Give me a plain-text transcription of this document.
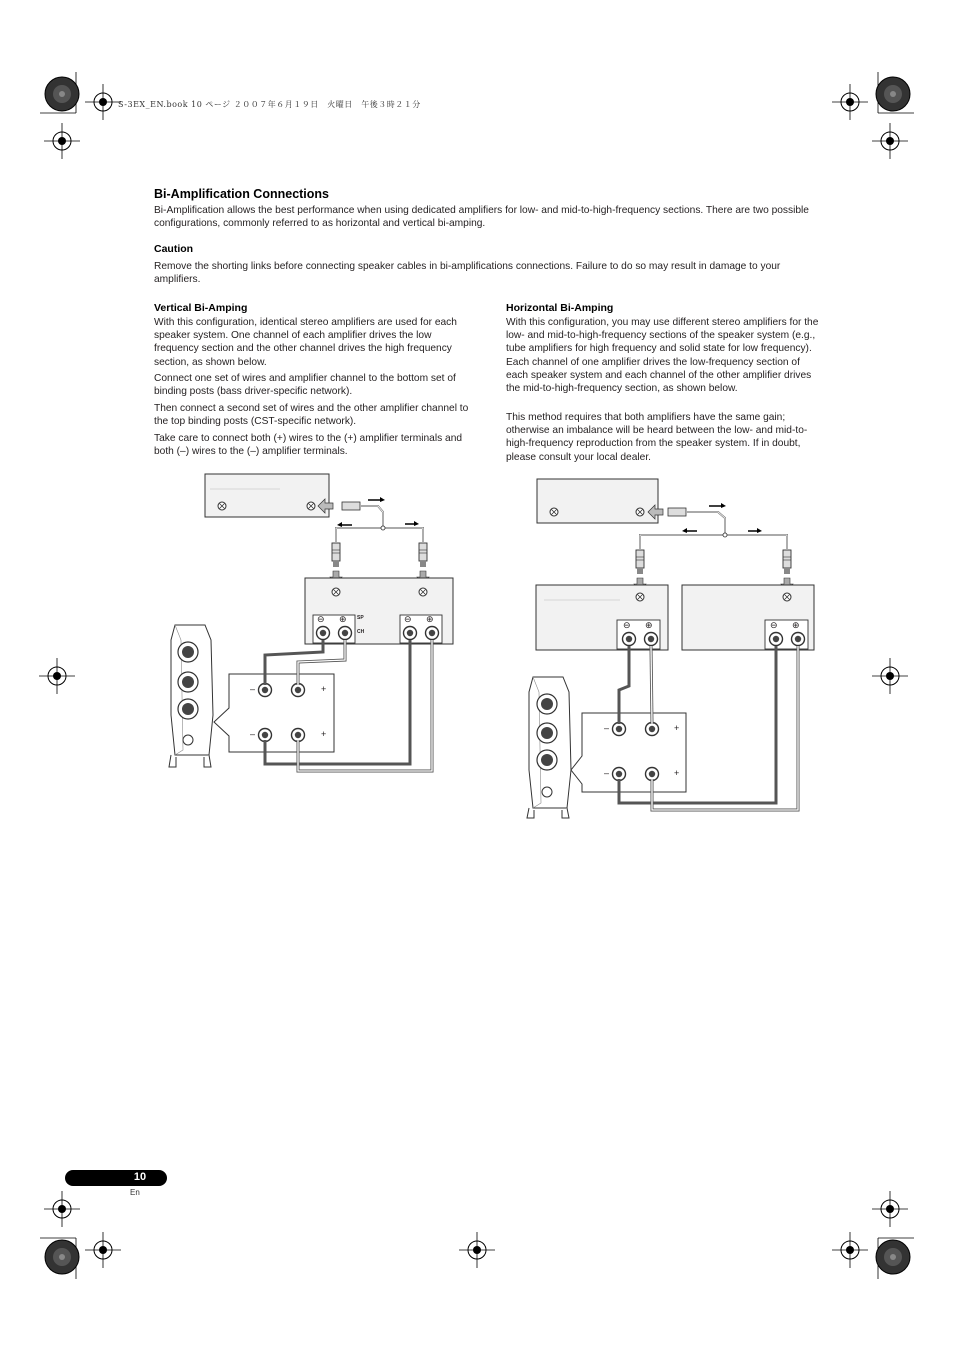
–	+
–	+
⊖ ⊕	⊖ ⊕
SP
CH
–	+
–	+
⊖ ⊕	⊖ ⊕
S-3EX_EN.book 10 ページ ２００７年６月１９日　火曜日　午後３時２１分
Bi-Amplification Connections

Bi-Amplification allows the best performance when using dedicated amplifiers for low- and mid-to-high-frequency sections. There are two possible configurations, commonly referred to as horizontal and vertical bi-amping.

Caution

Remove the shorting links before connecting speaker cables in bi-amplifications connections. Failure to do so may result in damage to your amplifiers.

Vertical Bi-Amping

With this configuration, identical stereo amplifiers are used for each speaker system. One channel of each amplifier drives the low frequency section and the other channel drives the high frequency section, as shown below.

Connect one set of wires and amplifier channel to the bottom set of binding posts (bass driver-specific network).

Then connect a second set of wires and the other amplifier channel to the top binding posts (CST-specific network).

Take care to connect both (+) wires to the (+) amplifier terminals and both (–) wires to the (–) amplifier terminals.

Horizontal Bi-Amping

With this configuration, you may use different stereo amplifiers for the low- and mid-to-high-frequency sections of the speaker system (e.g., tube amplifiers for high frequency and solid state for low frequency). Each channel of one amplifier drives the low-frequency section of each speaker system and each channel of the other amplifier drives the mid-to-high-frequency section, as shown below.

This method requires that both amplifiers have the same gain; otherwise an imbalance will be heard between the low- and mid-to-high-frequency reproduction from the speaker system. If in doubt, please consult your local dealer.

10
En
